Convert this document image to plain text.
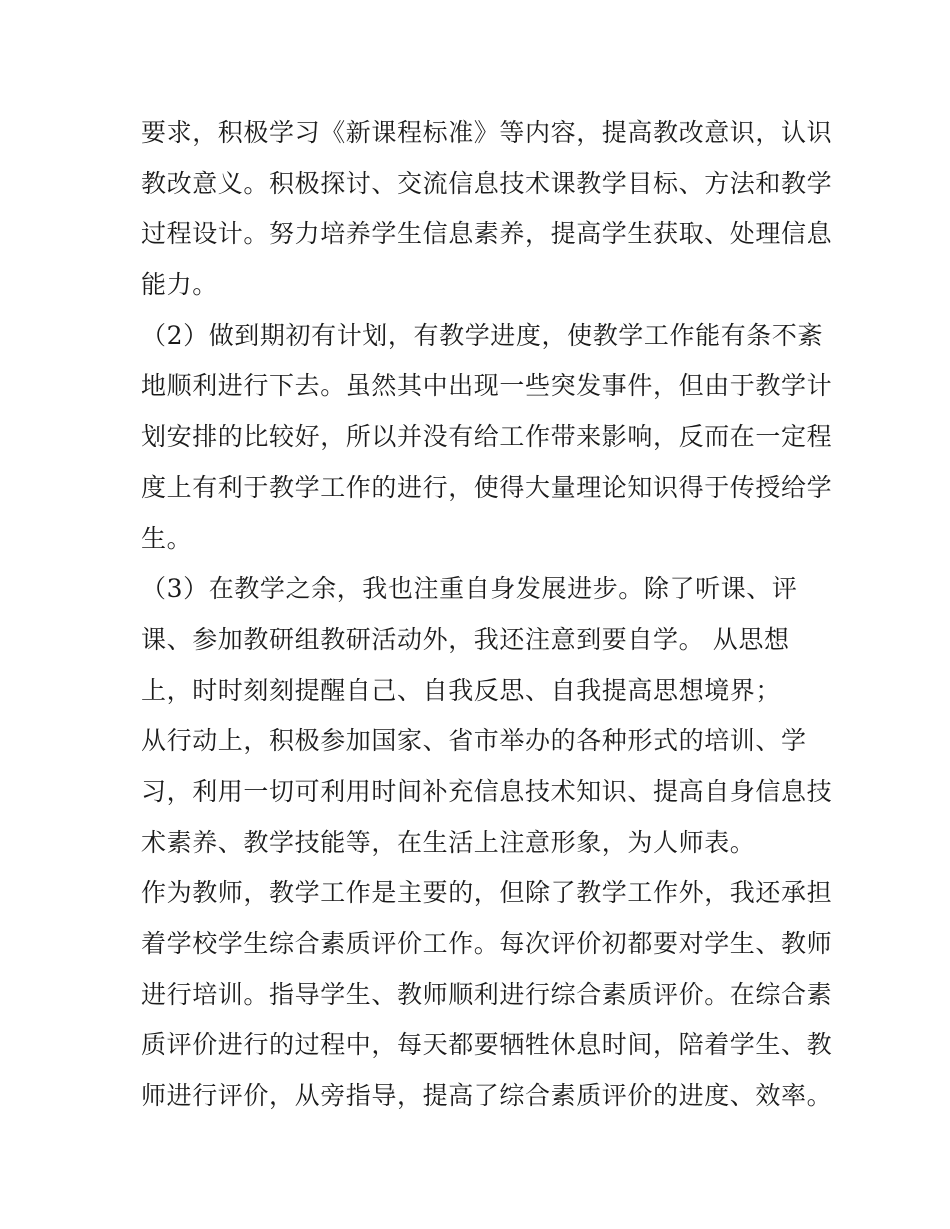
要求，积极学习《新课程标准》等内容，提高教改意识，认识
教改意义。积极探讨、交流信息技术课教学目标、方法和教学
过程设计。努力培养学生信息素养，提高学生获取、处理信息
能力。
（2）做到期初有计划，有教学进度，使教学工作能有条不紊
地顺利进行下去。虽然其中出现一些突发事件，但由于教学计
划安排的比较好，所以并没有给工作带来影响，反而在一定程
度上有利于教学工作的进行，使得大量理论知识得于传授给学
生。
（3）在教学之余，我也注重自身发展进步。除了听课、评
课、参加教研组教研活动外，我还注意到要自学。 从思想
上，时时刻刻提醒自己、自我反思、自我提高思想境界；
从行动上，积极参加国家、省市举办的各种形式的培训、学
习，利用一切可利用时间补充信息技术知识、提高自身信息技
术素养、教学技能等，在生活上注意形象，为人师表。
作为教师，教学工作是主要的，但除了教学工作外，我还承担
着学校学生综合素质评价工作。每次评价初都要对学生、教师
进行培训。指导学生、教师顺利进行综合素质评价。在综合素
质评价进行的过程中，每天都要牺牲休息时间，陪着学生、教
师进行评价，从旁指导，提高了综合素质评价的进度、效率。
